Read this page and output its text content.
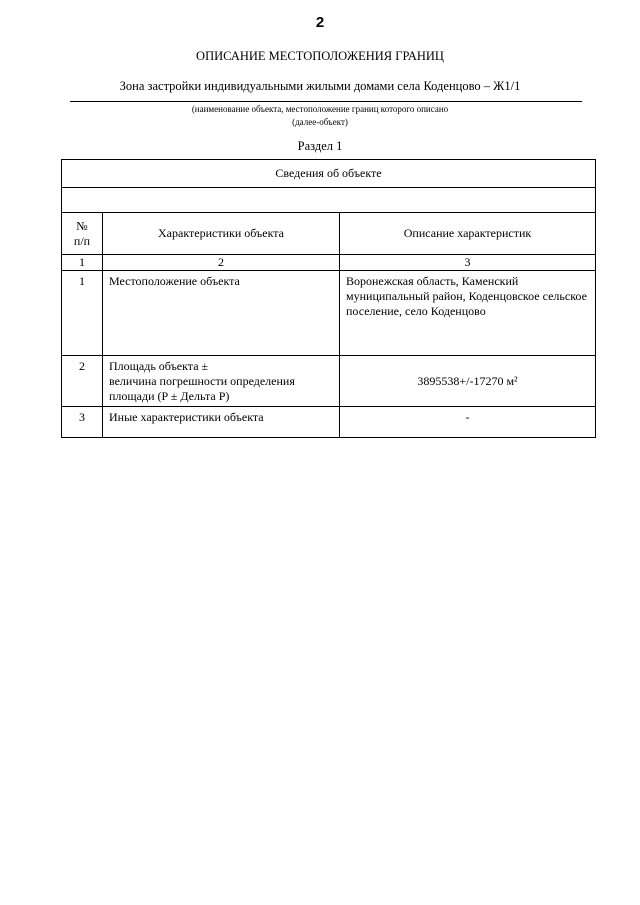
2
ОПИСАНИЕ МЕСТОПОЛОЖЕНИЯ ГРАНИЦ
Зона застройки индивидуальными жилыми домами села Коденцово – Ж1/1
(наименование объекта, местоположение границ которого описано
(далее-объект)
Раздел 1
Сведения об объекте		

№
п/п	Характеристики объекта	Описание характеристик
1	2	3
1	Местоположение объекта	Воронежская область, Каменский муниципальный район, Коденцовское сельское поселение, село Коденцово
2	Площадь объекта ±
величина погрешности определения
площади (P ± Дельта P)	3895538+/-17270 м²
3	Иные характеристики объекта	-
